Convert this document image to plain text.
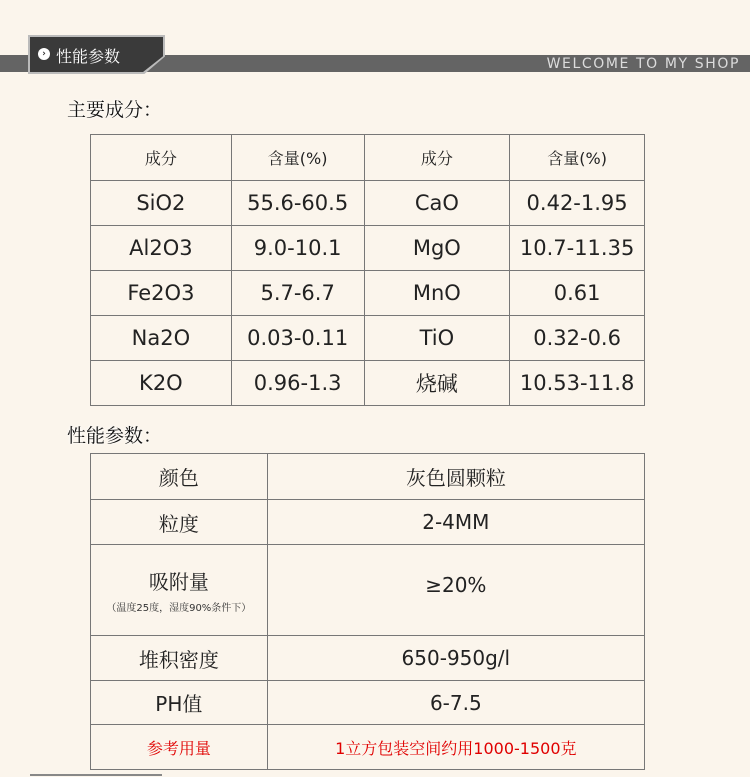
› 性能参数	WELCOME TO MY SHOP
主要成分：
成分	含量(%)	成分	含量(%)
SiO2	55.6-60.5	CaO	0.42-1.95
Al2O3	9.0-10.1	MgO	10.7-11.35
Fe2O3	5.7-6.7	MnO	0.61
Na2O	0.03-0.11	TiO	0.32-0.6
K2O	0.96-1.3	烧碱	10.53-11.8
性能参数：
颜色	灰色圆颗粒
粒度	2-4MM
吸附量
（温度25度，湿度90%条件下）	≥20%
堆积密度	650-950g/l
PH值	6-7.5
参考用量	1立方包装空间约用1000-1500克
